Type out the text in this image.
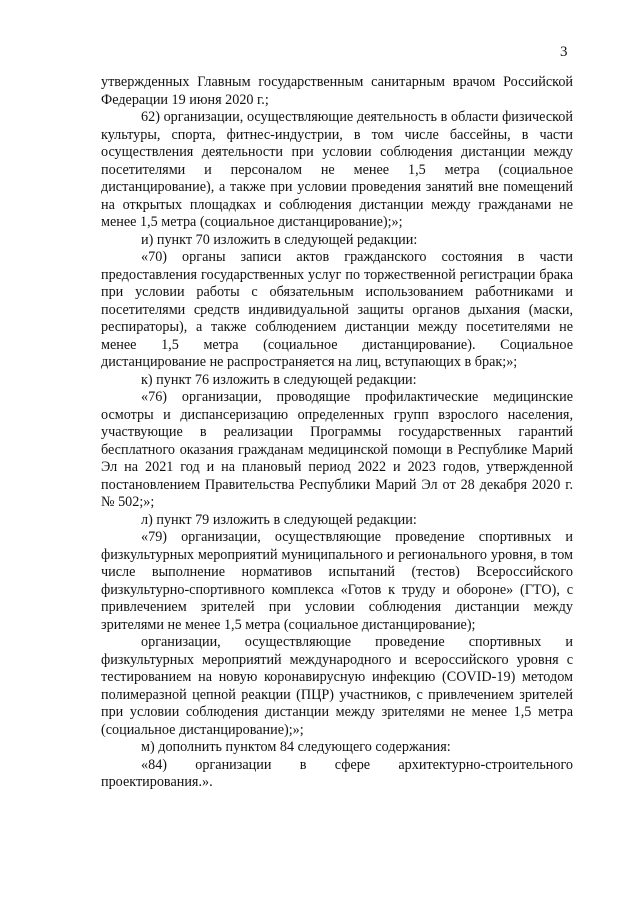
3

утвержденных Главным государственным санитарным врачом Российской Федерации 19 июня 2020 г.;

62) организации, осуществляющие деятельность в области физической культуры, спорта, фитнес-индустрии, в том числе бассейны, в части осуществления деятельности при условии соблюдения дистанции между посетителями и персоналом не менее 1,5 метра (социальное дистанцирование), а также при условии проведения занятий вне помещений на открытых площадках и соблюдения дистанции между гражданами не менее 1,5 метра (социальное дистанцирование);»;

и) пункт 70 изложить в следующей редакции:

«70) органы записи актов гражданского состояния в части предоставления государственных услуг по торжественной регистрации брака при условии работы с обязательным использованием работниками и посетителями средств индивидуальной защиты органов дыхания (маски, респираторы), а также соблюдением дистанции между посетителями не менее 1,5 метра (социальное дистанцирование). Социальное дистанцирование не распространяется на лиц, вступающих в брак;»;

к) пункт 76 изложить в следующей редакции:

«76) организации, проводящие профилактические медицинские осмотры и диспансеризацию определенных групп взрослого населения, участвующие в реализации Программы государственных гарантий бесплатного оказания гражданам медицинской помощи в Республике Марий Эл на 2021 год и на плановый период 2022 и 2023 годов, утвержденной постановлением Правительства Республики Марий Эл от 28 декабря 2020 г. № 502;»;

л) пункт 79 изложить в следующей редакции:

«79) организации, осуществляющие проведение спортивных и физкультурных мероприятий муниципального и регионального уровня, в том числе выполнение нормативов испытаний (тестов) Всероссийского физкультурно-спортивного комплекса «Готов к труду и обороне» (ГТО), с привлечением зрителей при условии соблюдения дистанции между зрителями не менее 1,5 метра (социальное дистанцирование);

организации, осуществляющие проведение спортивных и физкультурных мероприятий международного и всероссийского уровня с тестированием на новую коронавирусную инфекцию (COVID-19) методом полимеразной цепной реакции (ПЦР) участников, с привлечением зрителей при условии соблюдения дистанции между зрителями не менее 1,5 метра (социальное дистанцирование);»;

м) дополнить пунктом 84 следующего содержания:

«84) организации в сфере архитектурно-строительного проектирования.».
